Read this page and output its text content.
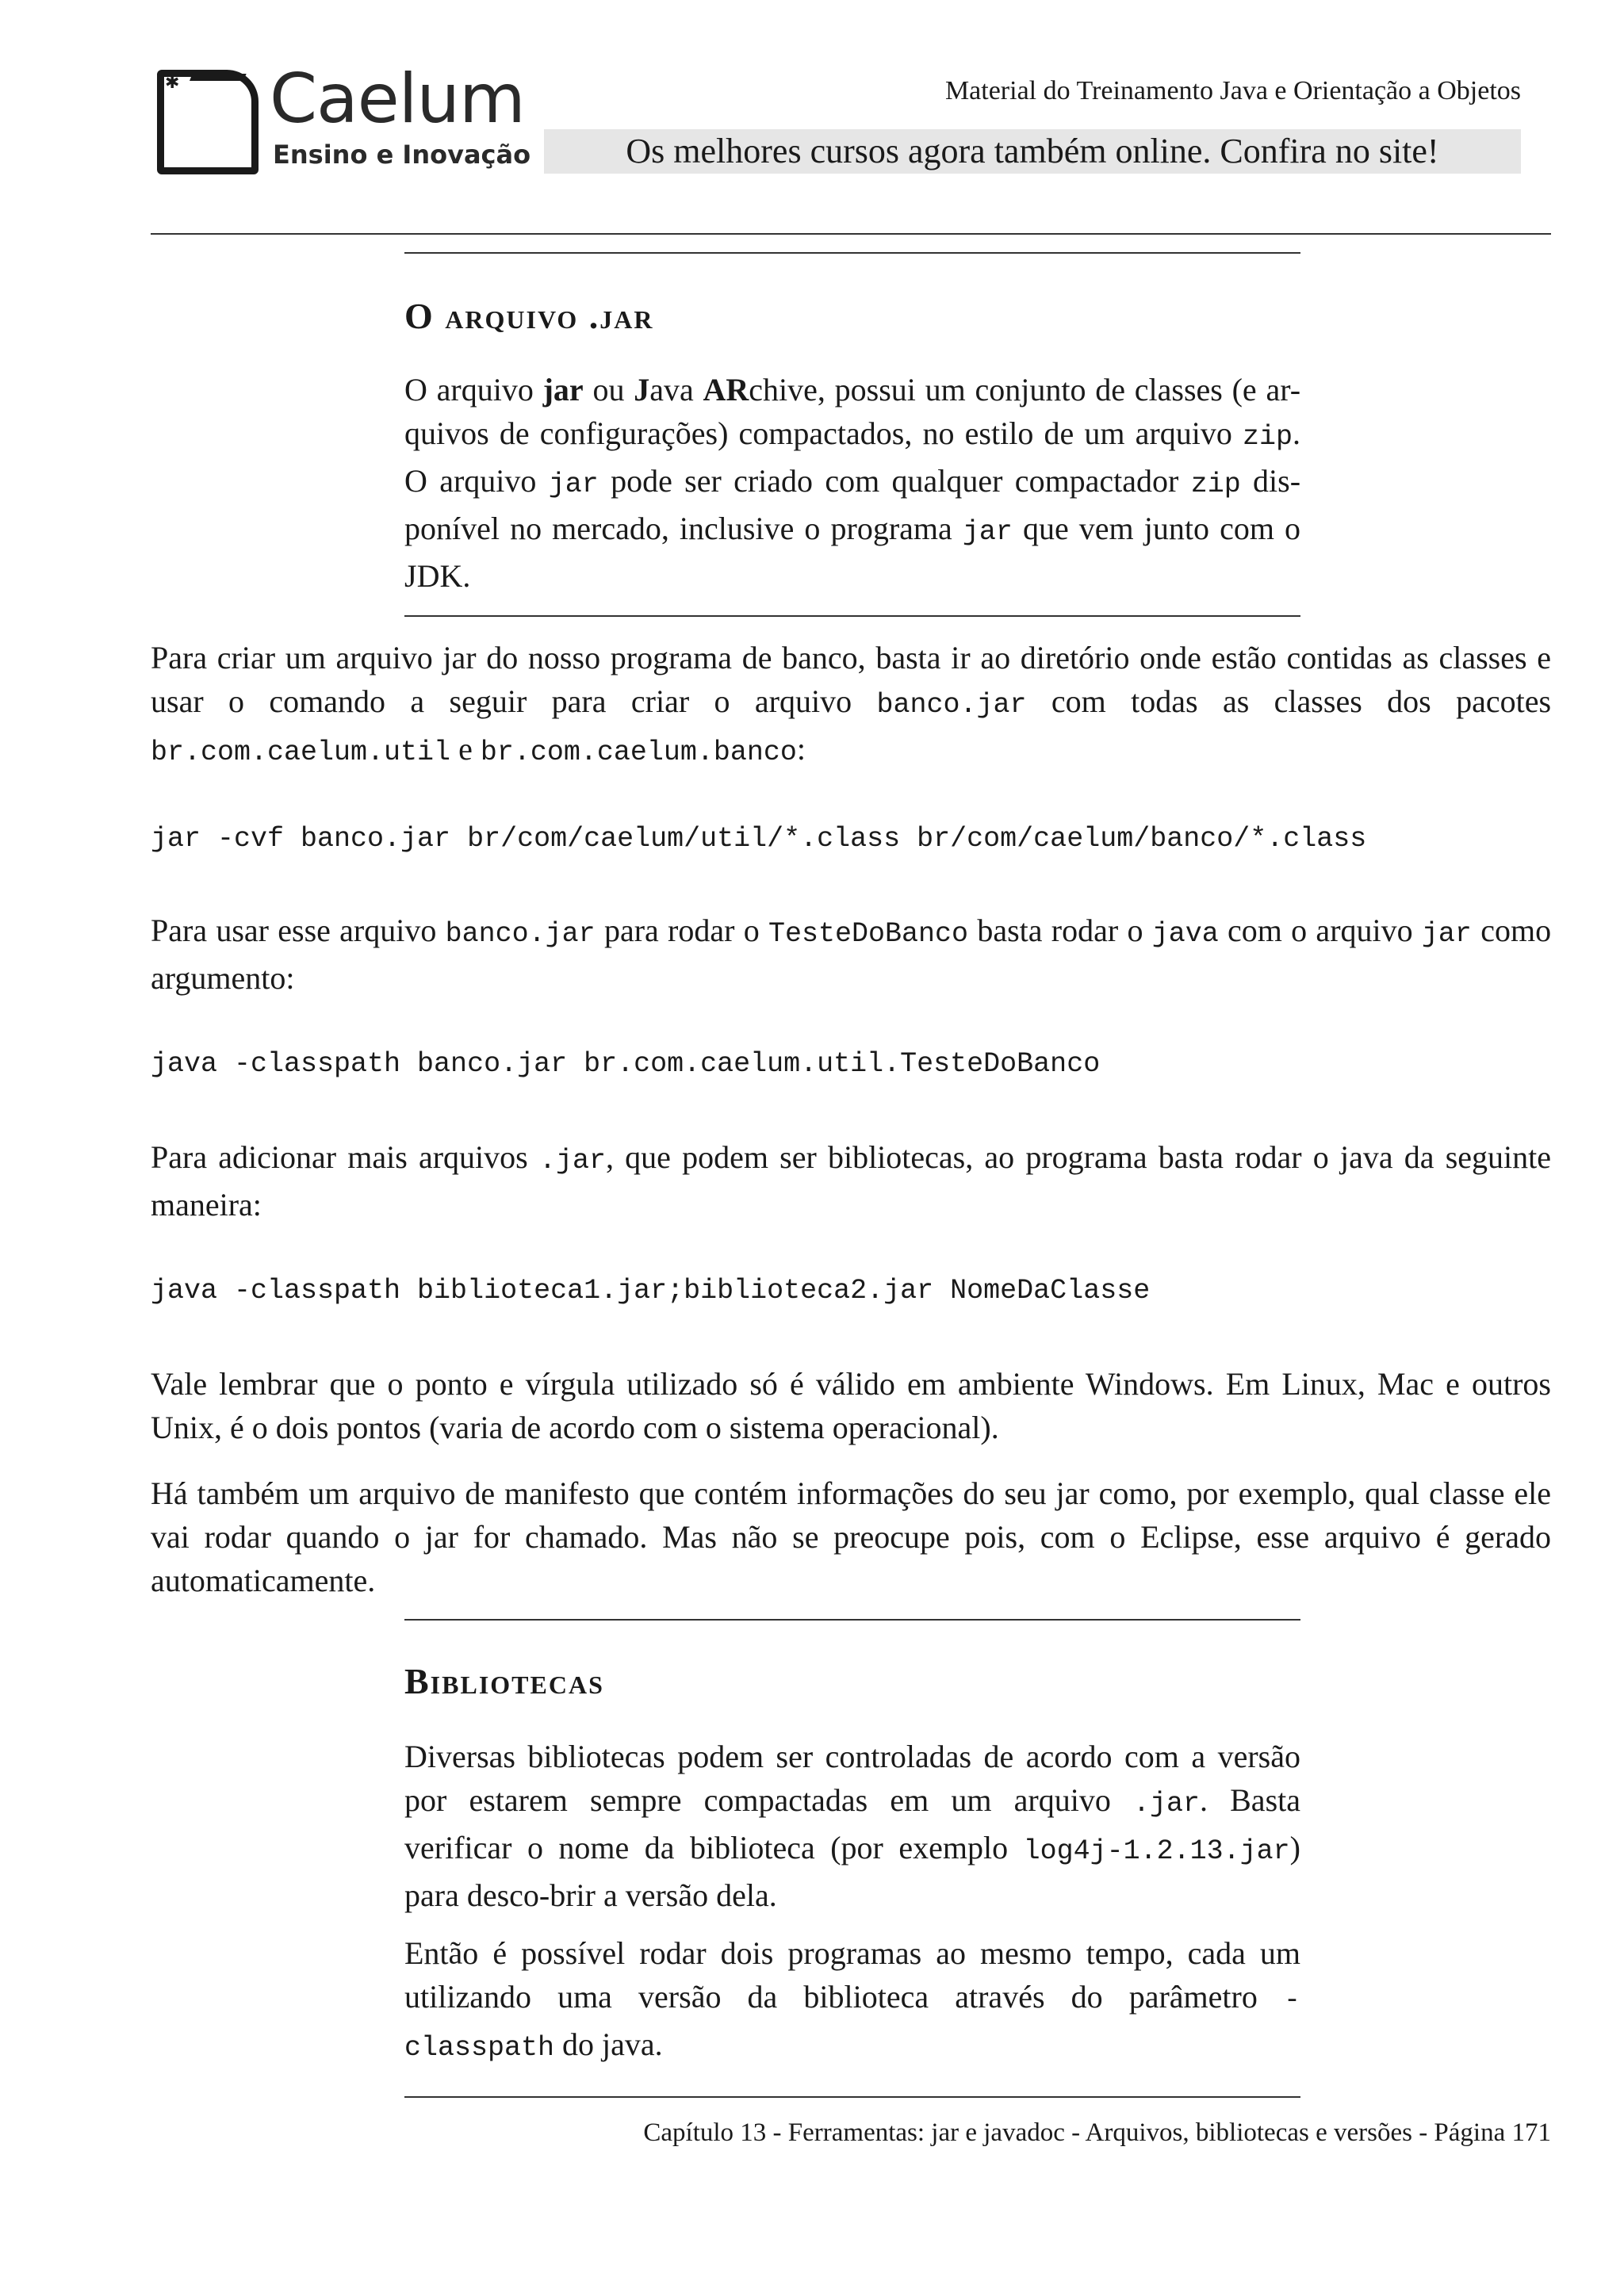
✱ Caelum
Ensino e Inovação
Material do Treinamento Java e Orientação a Objetos
Os melhores cursos agora também online. Confira no site!
O arquivo .jar
O arquivo jar ou Java ARchive, possui um conjunto de classes (e ar-quivos de configurações) compactados, no estilo de um arquivo zip. O arquivo jar pode ser criado com qualquer compactador zip dis-ponível no mercado, inclusive o programa jar que vem junto com o JDK.
Para criar um arquivo jar do nosso programa de banco, basta ir ao diretório onde estão contidas as classes e usar o comando a seguir para criar o arquivo banco.jar com todas as classes dos pacotes br.com.caelum.util e br.com.caelum.banco:
jar -cvf banco.jar br/com/caelum/util/*.class br/com/caelum/banco/*.class
Para usar esse arquivo banco.jar para rodar o TesteDoBanco basta rodar o java com o arquivo jar como argumento:
java -classpath banco.jar br.com.caelum.util.TesteDoBanco
Para adicionar mais arquivos .jar, que podem ser bibliotecas, ao programa basta rodar o java da seguinte maneira:
java -classpath biblioteca1.jar;biblioteca2.jar NomeDaClasse
Vale lembrar que o ponto e vírgula utilizado só é válido em ambiente Windows. Em Linux, Mac e outros Unix, é o dois pontos (varia de acordo com o sistema operacional).
Há também um arquivo de manifesto que contém informações do seu jar como, por exemplo, qual classe ele vai rodar quando o jar for chamado. Mas não se preocupe pois, com o Eclipse, esse arquivo é gerado automaticamente.
Bibliotecas
Diversas bibliotecas podem ser controladas de acordo com a versão por estarem sempre compactadas em um arquivo .jar. Basta verificar o nome da biblioteca (por exemplo log4j-1.2.13.jar) para desco-brir a versão dela.
Então é possível rodar dois programas ao mesmo tempo, cada um utilizando uma versão da biblioteca através do parâmetro -classpath do java.
Capítulo 13 - Ferramentas: jar e javadoc - Arquivos, bibliotecas e versões - Página 171
